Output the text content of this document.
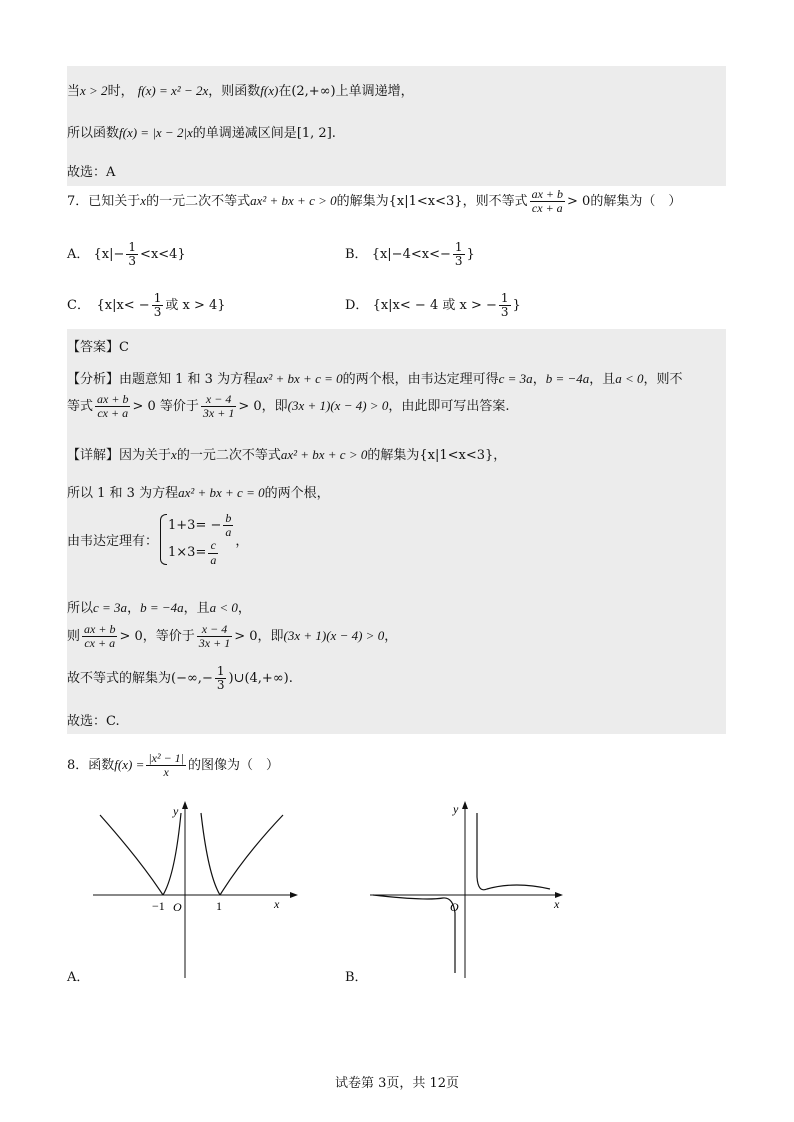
当x > 2时， f(x) = x² − 2x，则函数f(x)在(2,+∞)上单调递增，
所以函数f(x) = |x − 2|x的单调递减区间是[1, 2].
故选：A
7．已知关于x的一元二次不等式ax² + bx + c > 0的解集为{x|1<x<3}，则不等式 $\frac{ax + b}{cx + a} > 0$的解集为（　）
A． $\{x|- \frac{1}{3} <x<4\}$	B． {$x|-4<x<- \frac{1}{3}$ }
C．　 {$x|x< - \frac{1}{3}$ 或 x > 4}	D． {x|x< − 4 或 x > − $\frac{1}{3}$ }
【答案】C
【分析】由题意知 1 和 3 为方程ax² + bx + c = 0的两个根，由韦达定理可得c = 3a，b = −4a，且a < 0，则不
等式 $\frac{ax + b}{cx + a} > 0$ 等价于 $\frac{x - 4}{3x + 1} > 0$，即(3x + 1)(x − 4) > 0，由此即可写出答案.
【详解】因为关于x的一元二次不等式ax² + bx + c > 0的解集为{x|1<x<3}，
所以 1 和 3 为方程ax² + bx + c = 0的两个根，
由韦达定理有：
$1+3= - \frac{b}{a}$
$1\times 3= \frac{c}{a}$ ，
所以c = 3a，b = −4a，且a < 0，
则 $\frac{ax + b}{cx + a} > 0$，等价于 $\frac{x - 4}{3x + 1} > 0$，即(3x + 1)(x − 4) > 0，
故不等式的解集为(−∞,− $\frac{1}{3}$ )∪(4,+∞).
故选：C.
8．函数$f(x) = \frac{\text{|x² − 1|}}{x}$ 的图像为（　）
y
x
O
−1	1
A．
y
x
O
B．
试卷第 3页，共 12页
